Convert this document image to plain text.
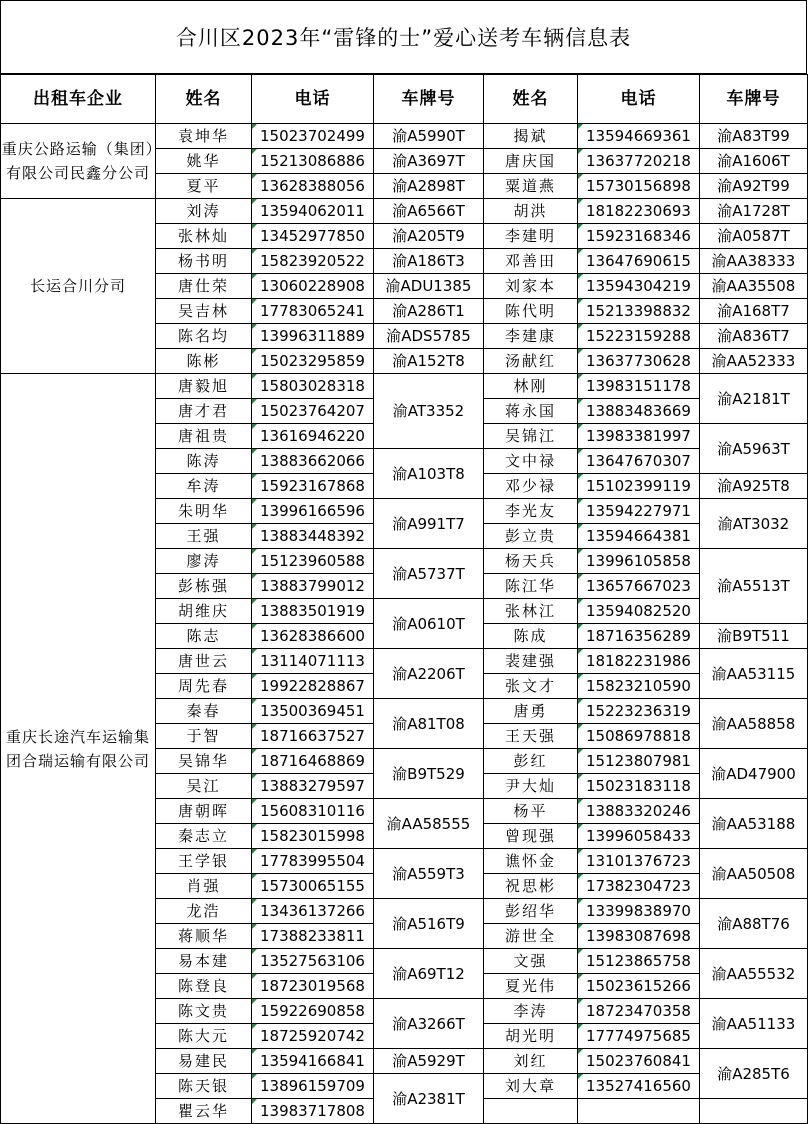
合川区2023年“雷锋的士”爱心送考车辆信息表
出租车企业	姓名	电话	车牌号	姓名	电话	车牌号
重庆公路运输（集团）有限公司民鑫分公司	袁坤华	15023702499	渝A5990T	揭斌	13594669361	渝A83T99
	姚华	15213086886	渝A3697T	唐庆国	13637720218	渝A1606T
	夏平	13628388056	渝A2898T	粟道燕	15730156898	渝A92T99
长运合川分司	刘涛	13594062011	渝A6566T	胡洪	18182230693	渝A1728T
	张林灿	13452977850	渝A205T9	李建明	15923168346	渝A0587T
	杨书明	15823920522	渝A186T3	邓善田	13647690615	渝AA38333
	唐仕荣	13060228908	渝ADU1385	刘家本	13594304219	渝AA35508
	吴吉林	17783065241	渝A286T1	陈代明	15213398832	渝A168T7
	陈名均	13996311889	渝ADS5785	李建康	15223159288	渝A836T7
	陈彬	15023295859	渝A152T8	汤献红	13637730628	渝AA52333
重庆长途汽车运输集团合瑞运输有限公司	唐毅旭	15803028318	渝AT3352	林刚	13983151178	渝A2181T
	唐才君	15023764207		蒋永国	13883483669	
	唐祖贵	13616946220		吴锦江	13983381997	渝A5963T
	陈涛	13883662066	渝A103T8	文中禄	13647670307	
	牟涛	15923167868		邓少禄	15102399119	渝A925T8
	朱明华	13996166596	渝A991T7	李光友	13594227971	渝AT3032
	王强	13883448392		彭立贵	13594664381	
	廖涛	15123960588	渝A5737T	杨天兵	13996105858	渝A5513T
	彭栋强	13883799012		陈江华	13657667023	
	胡维庆	13883501919	渝A0610T	张林江	13594082520	
	陈志	13628386600		陈成	18716356289	渝B9T511
	唐世云	13114071113	渝A2206T	裴建强	18182231986	渝AA53115
	周先春	19922828867		张文才	15823210590	
	秦春	13500369451	渝A81T08	唐勇	15223236319	渝AA58858
	于智	18716637527		王天强	15086978818	
	吴锦华	18716468869	渝B9T529	彭红	15123807981	渝AD47900
	吴江	13883279597		尹大灿	15023183118	
	唐朝晖	15608310116	渝AA58555	杨平	13883320246	渝AA53188
	秦志立	15823015998		曾现强	13996058433	
	王学银	17783995504	渝A559T3	谯怀金	13101376723	渝AA50508
	肖强	15730065155		祝思彬	17382304723	
	龙浩	13436137266	渝A516T9	彭绍华	13399838970	渝A88T76
	蒋顺华	17388233811		游世全	13983087698	
	易本建	13527563106	渝A69T12	文强	15123865758	渝AA55532
	陈登良	18723019568		夏光伟	15023615266	
	陈文贵	15922690858	渝A3266T	李涛	18723470358	渝AA51133
	陈大元	18725920742		胡光明	17774975685	
	易建民	13594166841	渝A5929T	刘红	15023760841	渝A285T6
	陈天银	13896159709	渝A2381T	刘大章	13527416560	
	瞿云华	13983717808				
